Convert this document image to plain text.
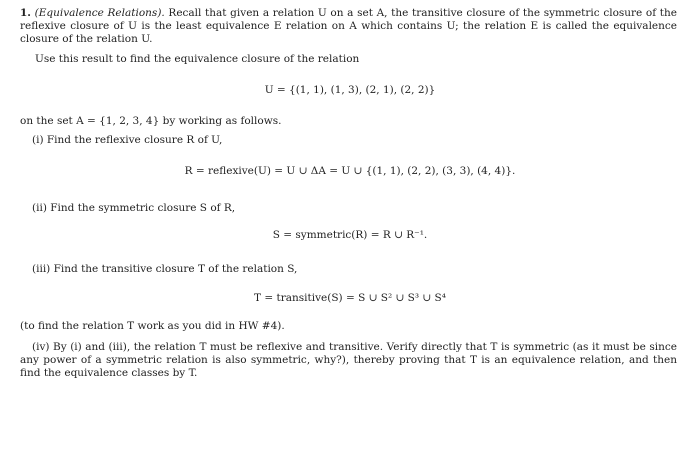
1. (Equivalence Relations). Recall that given a relation U on a set A, the transitive closure of the symmetric closure of the reflexive closure of U is the least equivalence E relation on A which contains U; the relation E is called the equivalence closure of the relation U.
Use this result to find the equivalence closure of the relation
U = {(1, 1), (1, 3), (2, 1), (2, 2)}
on the set A = {1, 2, 3, 4} by working as follows.
(i) Find the reflexive closure R of U,
R = reflexive(U) = U ∪ ΔA = U ∪ {(1, 1), (2, 2), (3, 3), (4, 4)}.
(ii) Find the symmetric closure S of R,
S = symmetric(R) = R ∪ R⁻¹.
(iii) Find the transitive closure T of the relation S,
T = transitive(S) = S ∪ S² ∪ S³ ∪ S⁴
(to find the relation T work as you did in HW #4).
(iv) By (i) and (iii), the relation T must be reflexive and transitive. Verify directly that T is symmetric (as it must be since any power of a symmetric relation is also symmetric, why?), thereby proving that T is an equivalence relation, and then find the equivalence classes by T.
